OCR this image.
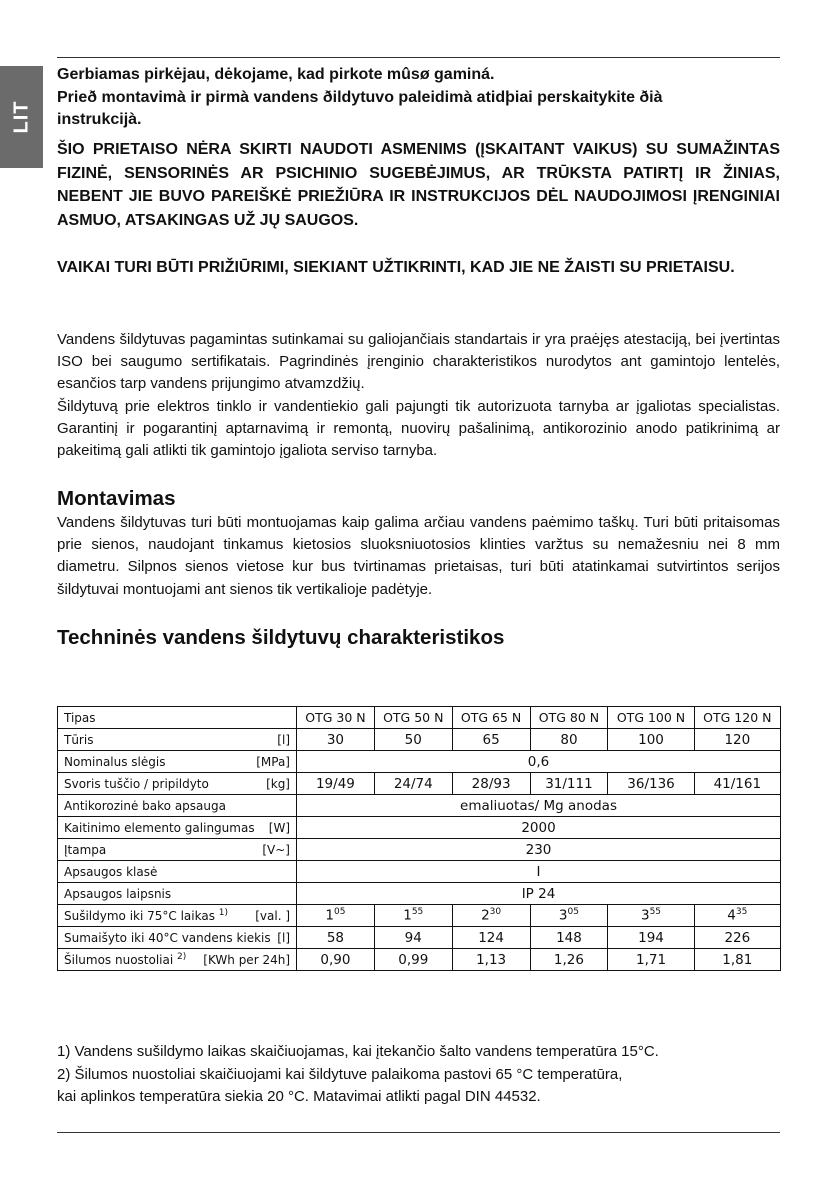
LIT

Gerbiamas pirkėjau, dėkojame, kad pirkote mûsø gaminá.

Prieð montavimà ir pirmà vandens ðildytuvo paleidimà atidþiai perskaitykite ðià

instrukcijà.

ŠIO PRIETAISO NĖRA SKIRTI NAUDOTI ASMENIMS (ĮSKAITANT VAIKUS) SU SUMAŽINTAS FIZINĖ, SENSORINĖS AR PSICHINIO SUGEBĖJIMUS, AR TRŪKSTA PATIRTĮ IR ŽINIAS, NEBENT JIE BUVO PAREIŠKĖ PRIEŽIŪRA IR INSTRUKCIJOS DĖL NAUDOJIMOSI ĮRENGINIAI ASMUO, ATSAKINGAS UŽ JŲ SAUGOS.

VAIKAI TURI BŪTI PRIŽIŪRIMI, SIEKIANT UŽTIKRINTI, KAD JIE NE ŽAISTI SU PRIETAISU.

Vandens šildytuvas pagamintas sutinkamai su galiojančiais standartais ir yra praėjęs atestaciją, bei įvertintas ISO bei saugumo sertifikatais. Pagrindinės įrenginio charakteristikos nurodytos ant gamintojo lentelės, esančios tarp vandens prijungimo atvamzdžių.

Šildytuvą prie elektros tinklo ir vandentiekio gali pajungti tik autorizuota tarnyba ar įgaliotas specialistas. Garantinį ir pogarantinį aptarnavimą ir remontą, nuovirų pašalinimą, antikorozinio anodo patikrinimą ar pakeitimą gali atlikti tik gamintojo įgaliota serviso tarnyba.

Montavimas

Vandens šildytuvas turi būti montuojamas kaip galima arčiau vandens paėmimo taškų. Turi būti pritaisomas prie sienos, naudojant tinkamus kietosios sluoksniuotosios klinties varžtus su nemažesniu nei 8 mm diametru. Silpnos sienos vietose kur bus tvirtinamas prietaisas, turi būti atatinkamai sutvirtintos serijos šildytuvai montuojami ant sienos tik vertikalioje padėtyje.

Techninės vandens šildytuvų charakteristikos
Tipas	OTG 30 N	OTG 50 N	OTG 65 N	OTG 80 N	OTG 100 N	OTG 120 N

Tūris [l]	30	50	65	80	100	120

Nominalus slėgis [MPa]	0,6					

Svoris tuščio / pripildyto [kg]	19/49	24/74	28/93	31/111	36/136	41/161

Antikorozinė bako apsauga	emaliuotas/ Mg anodas					

Kaitinimo elemento galingumas [W]	2000					

Įtampa [V~]	230					

Apsaugos klasė	I					

Apsaugos laipsnis	IP 24					

Sušildymo iki 75°C laikas $^{1)}$ [val. ]	$1^{05}$	$1^{55}$	$2^{30}$	$3^{05}$	$3^{55}$	$4^{35}$

Sumaišyto iki 40°C vandens kiekis [l]	58	94	124	148	194	226

Šilumos nuostoliai $^{2)}$ [KWh per 24h]	0,90	0,99	1,13	1,26	1,71	1,81

1) Vandens sušildymo laikas skaičiuojamas, kai įtekančio šalto vandens temperatūra 15°C.

2) Šilumos nuostoliai skaičiuojami kai šildytuve palaikoma pastovi 65 °C temperatūra,

kai aplinkos temperatūra siekia 20 °C. Matavimai atlikti pagal DIN 44532.
